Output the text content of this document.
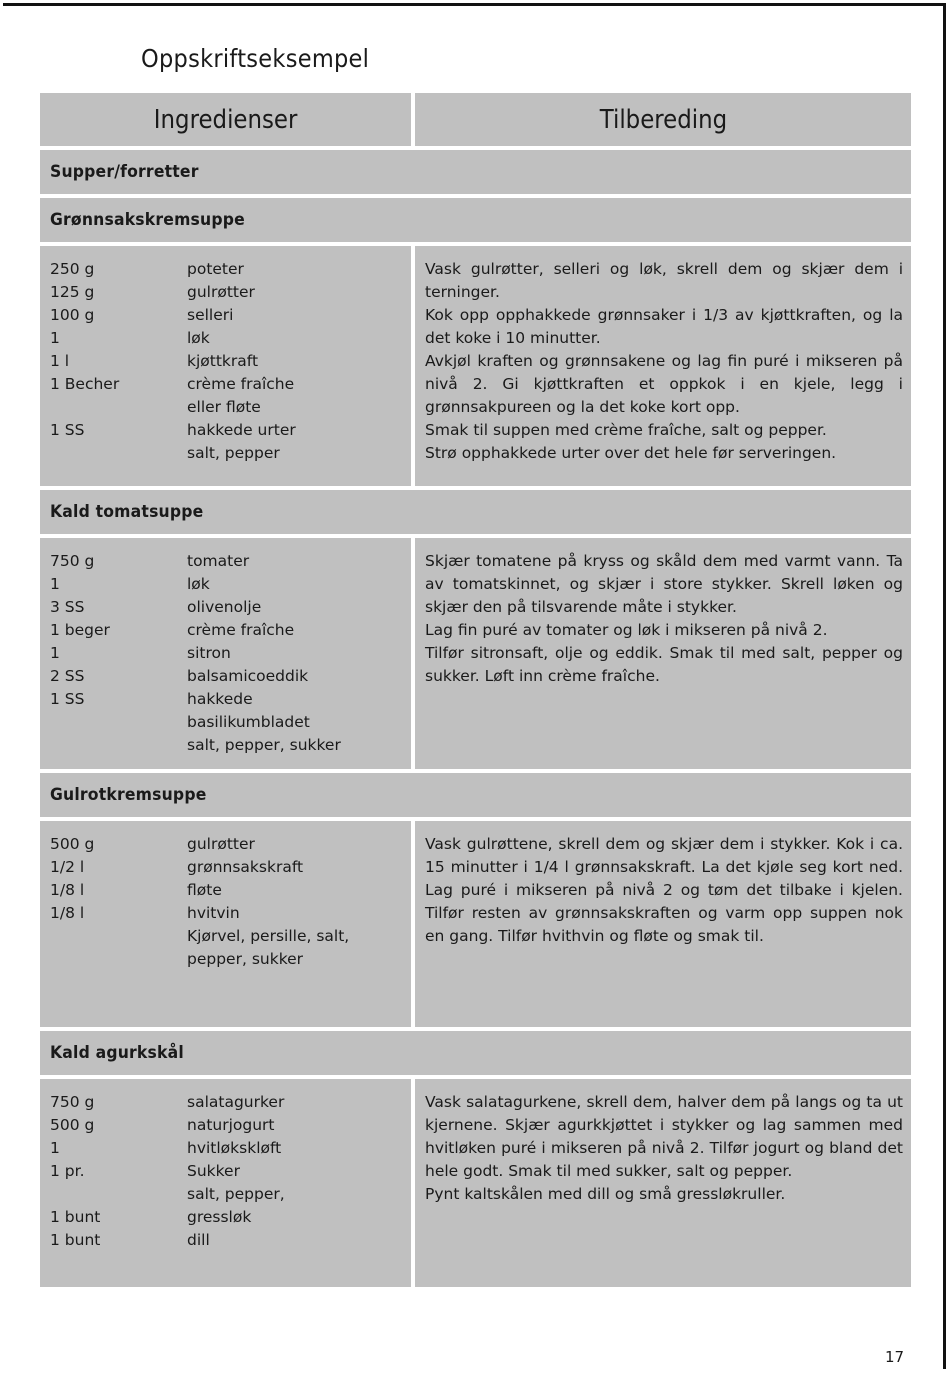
Oppskriftseksempel
Ingredienser	Tilbereding
Supper/forretter
Grønnsakskremsuppe
250 g	poteter
125 g	gulrøtter
100 g	selleri
1	løk
1 l	kjøttkraft
1 Becher	crème fraîche
eller fløte
1 SS	hakkede urter
salt, pepper

Vask gulrøtter, selleri og løk, skrell dem og skjær dem i terninger.

Kok opp opphakkede grønnsaker i 1/3 av kjøttkraften, og la det koke i 10 minutter.

Avkjøl kraften og grønnsakene og lag fin puré i mikseren på nivå 2. Gi kjøttkraften et oppkok i en kjele, legg i grønnsakpureen og la det koke kort opp.

Smak til suppen med crème fraîche, salt og pepper.

Strø opphakkede urter over det hele før serveringen.

Kald tomatsuppe
750 g	tomater
1	løk
3 SS	olivenolje
1 beger	crème fraîche
1	sitron
2 SS	balsamicoeddik
1 SS	hakkede
basilikumbladet
salt, pepper, sukker

Skjær tomatene på kryss og skåld dem med varmt vann. Ta av tomatskinnet, og skjær i store stykker. Skrell løken og skjær den på tilsvarende måte i stykker.

Lag fin puré av tomater og løk i mikseren på nivå 2.

Tilfør sitronsaft, olje og eddik. Smak til med salt, pepper og sukker. Løft inn crème fraîche.

Gulrotkremsuppe
500 g	gulrøtter
1/2 l	grønnsakskraft
1/8 l	fløte
1/8 l	hvitvin
Kjørvel, persille, salt,
pepper, sukker

Vask gulrøttene, skrell dem og skjær dem i stykker. Kok i ca. 15 minutter i 1/4 l grønnsakskraft. La det kjøle seg kort ned. Lag puré i mikseren på nivå 2 og tøm det tilbake i kjelen. Tilfør resten av grønnsakskraften og varm opp suppen nok en gang. Tilfør hvithvin og fløte og smak til.

Kald agurkskål
750 g	salatagurker
500 g	naturjogurt
1	hvitløkskløft
1 pr.	Sukker
salt, pepper,
1 bunt	gressløk
1 bunt	dill

Vask salatagurkene, skrell dem, halver dem på langs og ta ut kjernene. Skjær agurkkjøttet i stykker og lag sammen med hvitløken puré i mikseren på nivå 2. Tilfør jogurt og bland det hele godt. Smak til med sukker, salt og pepper.

Pynt kaltskålen med dill og små gressløkruller.

17
